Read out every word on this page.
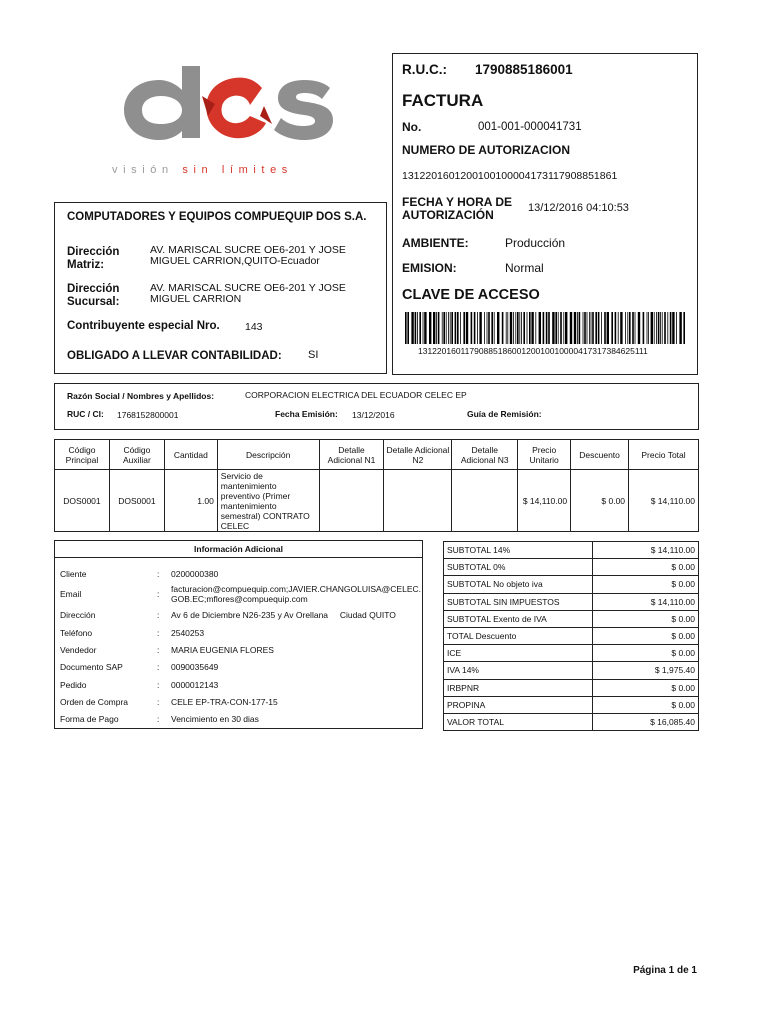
visión sin límites
COMPUTADORES Y EQUIPOS COMPUEQUIP DOS S.A.
Dirección Matriz:
AV. MARISCAL SUCRE OE6-201 Y JOSE MIGUEL CARRION,QUITO-Ecuador
Dirección Sucursal:
AV. MARISCAL SUCRE OE6-201 Y JOSE MIGUEL CARRION
Contribuyente especial Nro. 143
OBLIGADO A LLEVAR CONTABILIDAD: SI
R.U.C.: 1790885186001
FACTURA
No.	001-001-000041731
NUMERO DE AUTORIZACION
1312201601200100100004173117908851861
FECHA Y HORA DE AUTORIZACIÓN	13/12/2016 04:10:53
AMBIENTE:	Producción
EMISION:	Normal
CLAVE DE ACCESO
1312201601179088518600120010010000417317384625111
Razón Social / Nombres y Apellidos:	CORPORACION ELECTRICA DEL ECUADOR CELEC EP
RUC / CI: 1768152800001	Fecha Emisión: 13/12/2016	Guía de Remisión:
Código Principal	Código Auxiliar	Cantidad	Descripción	Detalle Adicional N1	Detalle Adicional N2	Detalle Adicional N3	Precio Unitario	Descuento	Precio Total
DOS0001	DOS0001	1.00	Servicio de mantenimiento preventivo (Primer mantenimiento semestral) CONTRATO CELEC				$ 14,110.00	$ 0.00	$ 14,110.00
Información Adicional
Cliente	: 0200000380
Email	: facturacion@compuequip.com;JAVIER.CHANGOLUISA@CELEC.GOB.EC;mflores@compuequip.com
Dirección	: Av 6 de Diciembre N26-235 y Av Orellana     Ciudad QUITO
Teléfono	: 2540253
Vendedor	: MARIA EUGENIA FLORES
Documento SAP	: 0090035649
Pedido	: 0000012143
Orden de Compra	: CELE EP-TRA-CON-177-15
Forma de Pago	: Vencimiento en 30 dias
SUBTOTAL 14%	$ 14,110.00
SUBTOTAL 0%	$ 0.00
SUBTOTAL No objeto iva	$ 0.00
SUBTOTAL SIN IMPUESTOS	$ 14,110.00
SUBTOTAL Exento de IVA	$ 0.00
TOTAL Descuento	$ 0.00
ICE	$ 0.00
IVA 14%	$ 1,975.40
IRBPNR	$ 0.00
PROPINA	$ 0.00
VALOR TOTAL	$ 16,085.40
Página 1 de 1
